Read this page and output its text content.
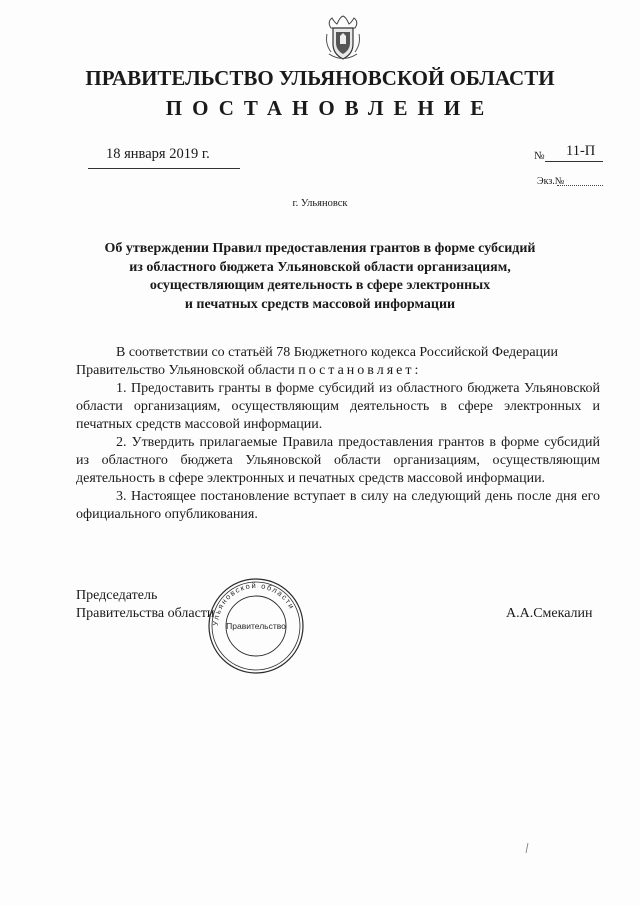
ПРАВИТЕЛЬСТВО УЛЬЯНОВСКОЙ ОБЛАСТИ
ПОСТАНОВЛЕНИЕ
18 января 2019 г.	№ 11-П
Экз.№
г. Ульяновск
Об утверждении Правил предоставления грантов в форме субсидий
из областного бюджета Ульяновской области организациям,
осуществляющим деятельность в сфере электронных
и печатных средств массовой информации

В соответствии со статьёй 78 Бюджетного кодекса Российской Федерации

Правительство Ульяновской области постановляет:

1. Предоставить гранты в форме субсидий из областного бюджета Ульяновской области организациям, осуществляющим деятельность в сфере электронных и печатных средств массовой информации.

2. Утвердить прилагаемые Правила предоставления грантов в форме субсидий из областного бюджета Ульяновской области организациям, осуществляющим деятельность в сфере электронных и печатных средств массовой информации.

3. Настоящее постановление вступает в силу на следующий день после дня его официального опубликования.

Председатель
Правительства области	А.А.Смекалин
Ульяновской области
Правительство
